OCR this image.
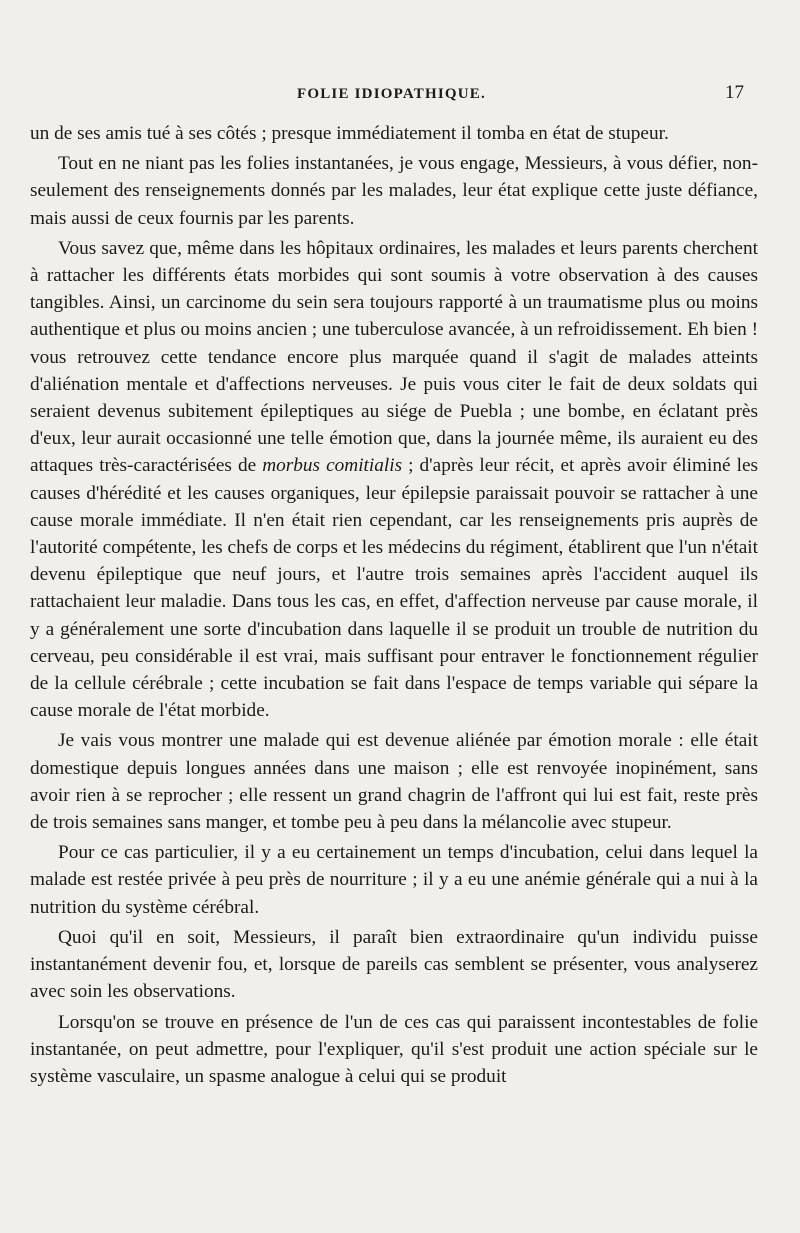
FOLIE IDIOPATHIQUE.	17

un de ses amis tué à ses côtés ; presque immédiatement il tomba en état de stupeur.

Tout en ne niant pas les folies instantanées, je vous engage, Messieurs, à vous défier, non-seulement des renseignements donnés par les malades, leur état explique cette juste défiance, mais aussi de ceux fournis par les parents.

Vous savez que, même dans les hôpitaux ordinaires, les malades et leurs parents cherchent à rattacher les différents états morbides qui sont soumis à votre observation à des causes tangibles. Ainsi, un carcinome du sein sera toujours rapporté à un traumatisme plus ou moins authentique et plus ou moins ancien ; une tuberculose avancée, à un refroidissement. Eh bien ! vous retrouvez cette tendance encore plus marquée quand il s'agit de malades atteints d'aliénation mentale et d'affections nerveuses. Je puis vous citer le fait de deux soldats qui seraient devenus subitement épileptiques au siége de Puebla ; une bombe, en éclatant près d'eux, leur aurait occasionné une telle émotion que, dans la journée même, ils auraient eu des attaques très-caractérisées de morbus comitialis ; d'après leur récit, et après avoir éliminé les causes d'hérédité et les causes organiques, leur épilepsie paraissait pouvoir se rattacher à une cause morale immédiate. Il n'en était rien cependant, car les renseignements pris auprès de l'autorité compétente, les chefs de corps et les médecins du régiment, établirent que l'un n'était devenu épileptique que neuf jours, et l'autre trois semaines après l'accident auquel ils rattachaient leur maladie. Dans tous les cas, en effet, d'affection nerveuse par cause morale, il y a généralement une sorte d'incubation dans laquelle il se produit un trouble de nutrition du cerveau, peu considérable il est vrai, mais suffisant pour entraver le fonctionnement régulier de la cellule cérébrale ; cette incubation se fait dans l'espace de temps variable qui sépare la cause morale de l'état morbide.

Je vais vous montrer une malade qui est devenue aliénée par émotion morale : elle était domestique depuis longues années dans une maison ; elle est renvoyée inopinément, sans avoir rien à se reprocher ; elle ressent un grand chagrin de l'affront qui lui est fait, reste près de trois semaines sans manger, et tombe peu à peu dans la mélancolie avec stupeur.

Pour ce cas particulier, il y a eu certainement un temps d'incubation, celui dans lequel la malade est restée privée à peu près de nourriture ; il y a eu une anémie générale qui a nui à la nutrition du système cérébral.

Quoi qu'il en soit, Messieurs, il paraît bien extraordinaire qu'un individu puisse instantanément devenir fou, et, lorsque de pareils cas semblent se présenter, vous analyserez avec soin les observations.

Lorsqu'on se trouve en présence de l'un de ces cas qui paraissent incontestables de folie instantanée, on peut admettre, pour l'expliquer, qu'il s'est produit une action spéciale sur le système vasculaire, un spasme analogue à celui qui se produit
